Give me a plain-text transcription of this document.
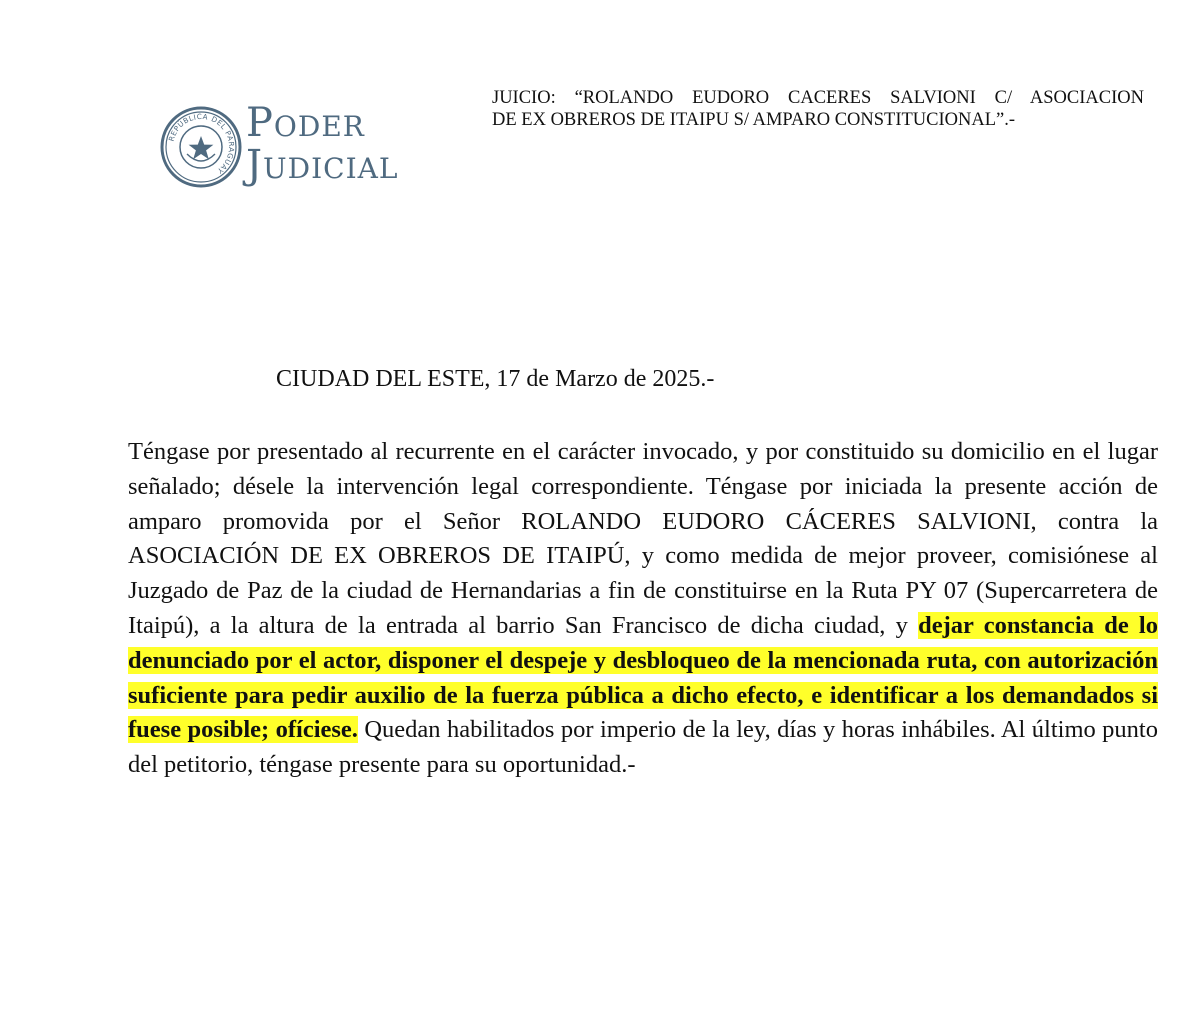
REPÚBLICA DEL PARAGUAY
Poder
Judicial
JUICIO: “ROLANDO EUDORO CACERES SALVIONI C/ ASOCIACION
DE EX OBREROS DE ITAIPU S/ AMPARO CONSTITUCIONAL”.-
CIUDAD DEL ESTE, 17 de Marzo de 2025.-
Téngase por presentado al recurrente en el carácter invocado, y por constituido su domicilio en el lugar señalado; désele la intervención legal correspondiente. Téngase por iniciada la presente acción de amparo promovida por el Señor ROLANDO EUDORO CÁCERES SALVIONI, contra la ASOCIACIÓN DE EX OBREROS DE ITAIPÚ, y como medida de mejor proveer, comisiónese al Juzgado de Paz de la ciudad de Hernandarias a fin de constituirse en la Ruta PY 07 (Supercarretera de Itaipú), a la altura de la entrada al barrio San Francisco de dicha ciudad, y dejar constancia de lo denunciado por el actor, disponer el despeje y desbloqueo de la mencionada ruta, con autorización suficiente para pedir auxilio de la fuerza pública a dicho efecto, e identificar a los demandados si fuese posible; ofíciese. Quedan habilitados por imperio de la ley, días y horas inhábiles. Al último punto del petitorio, téngase presente para su oportunidad.-
